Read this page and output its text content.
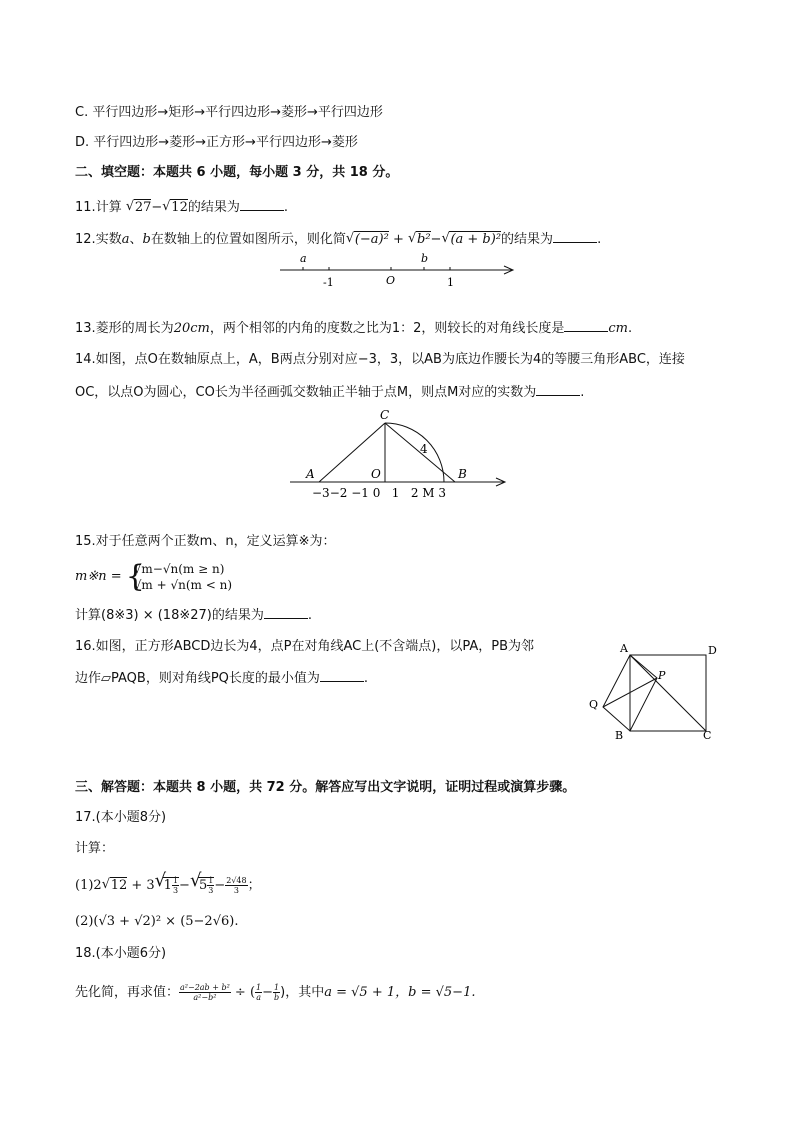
C. 平行四边形→矩形→平行四边形→菱形→平行四边形
D. 平行四边形→菱形→正方形→平行四边形→菱形
二、填空题：本题共 6 小题，每小题 3 分，共 18 分。
11.计算 √ 27− √ 12的结果为	.
12.实数a、b在数轴上的位置如图所示，则化简 √ (−a)² + √ b²− √ (a + b)²的结果为	.
a	b
-1	O	1
13.菱形的周长为20cm，两个相邻的内角的度数之比为1：2，则较长的对角线长度是	cm.
14.如图，点O在数轴原点上，A，B两点分别对应−3，3，以AB为底边作腰长为4的等腰三角形ABC，连接
OC，以点O为圆心，CO长为半径画弧交数轴正半轴于点M，则点M对应的实数为	.
C
A	O	B
4
−3−2 −1 0   1   2 M 3
15.对于任意两个正数m、n，定义运算※为：
m※n = {
√m−√n(m ≥ n)
√m + √n(m < n)
计算(8※3) × (18※27)的结果为	.
16.如图，正方形ABCD边长为4，点P在对角线AC上(不含端点)，以PA，PB为邻
边作▱PAQB，则对角线PQ长度的最小值为	.
A	D
P
Q
B	C
三、解答题：本题共 8 小题，共 72 分。解答应写出文字说明，证明过程或演算步骤。
17.(本小题8分)
计算：
(1)2 √ 12 + 3 √
$1 \frac{1}{3}$ − √
$5 \frac{1}{3} - \frac{2√48}{3}$ ；
(2)(√3 + √2)² × (5−2√6).
18.(本小题6分)
先化简，再求值： $\frac{\text{a²−2ab + b²}}{\text{a²−b²}}$ ÷ ( $\frac{1}{a} - \frac{1}{b}$ )，其中a = √5 + 1，b = √5−1.
